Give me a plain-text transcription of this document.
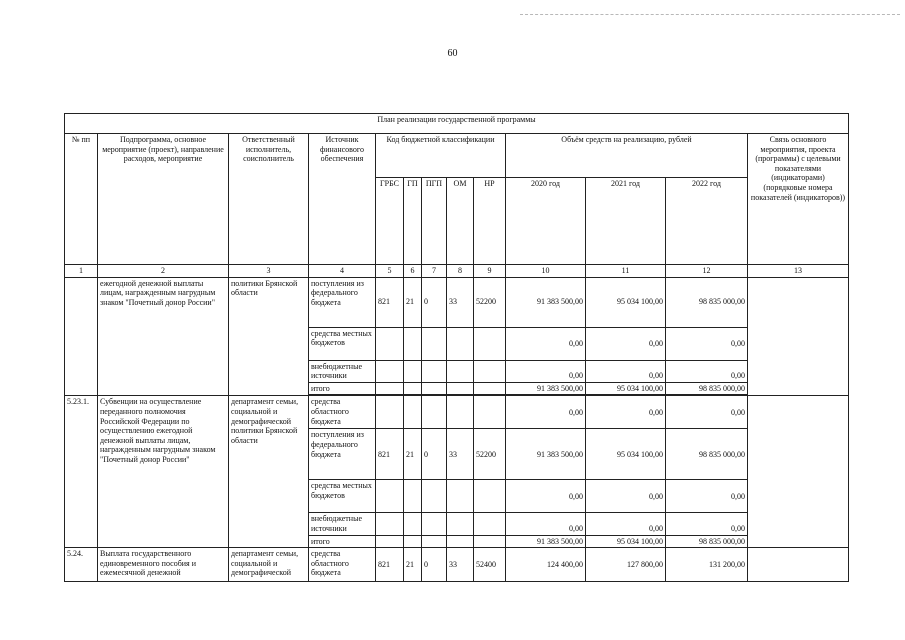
60
План реализации государственной программы												
№ пп	Подпрограмма, основное мероприятие (проект), направление расходов, мероприятие	Ответственный исполнитель, соисполнитель	Источник финансового обеспечения	Код бюджетной классификации					Объём средств на реализацию, рублей			Связь основного мероприятия, проекта (программы) с целевыми показателями (индикаторами) (порядковые номера показателей (индикаторов))
				ГРБС	ГП	ПГП	ОМ	НР	2020 год	2021 год	2022 год	
1	2	3	4	5	6	7	8	9	10	11	12	13
	ежегодной денежной выплаты лицам, награжденным нагрудным знаком "Почетный донор России"	политики Брянской области	поступления из федерального бюджета	821	21	0	33	52200	91 383 500,00	95 034 100,00	98 835 000,00	
			средства местных бюджетов						0,00	0,00	0,00	
			внебюджетные источники						0,00	0,00	0,00	
			итого						91 383 500,00	95 034 100,00	98 835 000,00	

5.23.1.	Субвенции на осуществление переданного полномочия Российской Федерации по осуществлению ежегодной денежной выплаты лицам, награжденным нагрудным знаком "Почетный донор России"	департамент семьи, социальной и демографической политики Брянской области	средства областного бюджета						0,00	0,00	0,00	
			поступления из федерального бюджета	821	21	0	33	52200	91 383 500,00	95 034 100,00	98 835 000,00	
			средства местных бюджетов						0,00	0,00	0,00	
			внебюджетные источники						0,00	0,00	0,00	
			итого						91 383 500,00	95 034 100,00	98 835 000,00	
5.24.	Выплата государственного единовременного пособия и ежемесячной денежной	департамент семьи, социальной и демографической	средства областного бюджета	821	21	0	33	52400	124 400,00	127 800,00	131 200,00	
